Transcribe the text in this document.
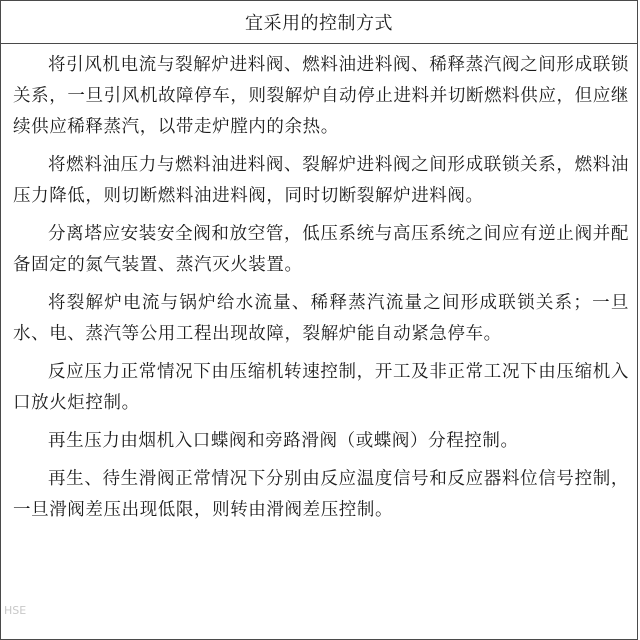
宜采用的控制方式

将引风机电流与裂解炉进料阀、燃料油进料阀、稀释蒸汽阀之间形成联锁关系，一旦引风机故障停车，则裂解炉自动停止进料并切断燃料供应，但应继续供应稀释蒸汽，以带走炉膛内的余热。

将燃料油压力与燃料油进料阀、裂解炉进料阀之间形成联锁关系，燃料油压力降低，则切断燃料油进料阀，同时切断裂解炉进料阀。

分离塔应安装安全阀和放空管，低压系统与高压系统之间应有逆止阀并配备固定的氮气装置、蒸汽灭火装置。

将裂解炉电流与锅炉给水流量、稀释蒸汽流量之间形成联锁关系；一旦水、电、蒸汽等公用工程出现故障，裂解炉能自动紧急停车。

反应压力正常情况下由压缩机转速控制，开工及非正常工况下由压缩机入口放火炬控制。

再生压力由烟机入口蝶阀和旁路滑阀（或蝶阀）分程控制。

再生、待生滑阀正常情况下分别由反应温度信号和反应器料位信号控制，一旦滑阀差压出现低限，则转由滑阀差压控制。

HSE
